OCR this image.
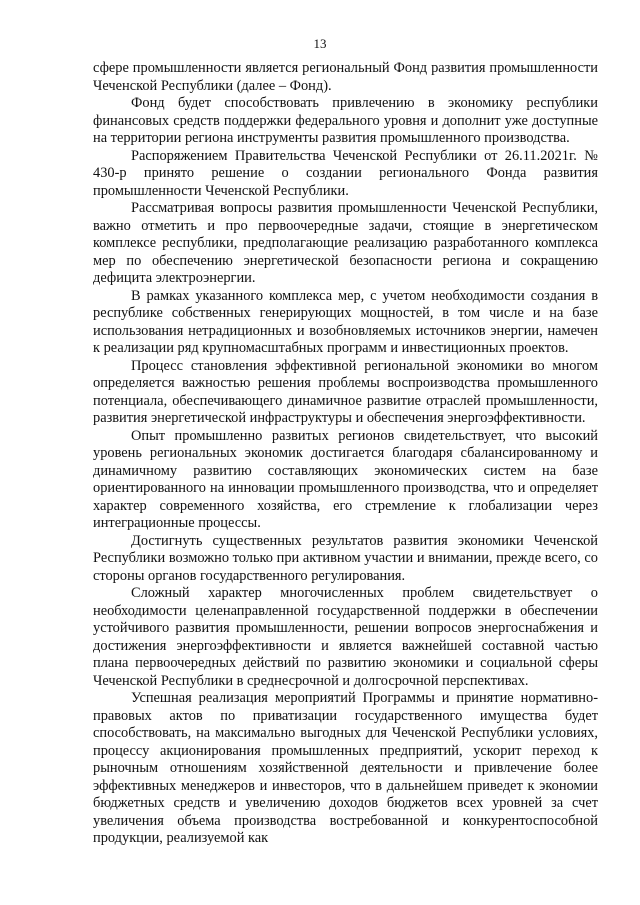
13

сфере промышленности является региональный Фонд развития промышленности Чеченской Республики (далее – Фонд).

Фонд будет способствовать привлечению в экономику республики финансовых средств поддержки федерального уровня и дополнит уже доступные на территории региона инструменты развития промышленного производства.

Распоряжением Правительства Чеченской Республики от 26.11.2021г. № 430-р принято решение о создании регионального Фонда развития промышленности Чеченской Республики.

Рассматривая вопросы развития промышленности Чеченской Республики, важно отметить и про первоочередные задачи, стоящие в энергетическом комплексе республики, предполагающие реализацию разработанного комплекса мер по обеспечению энергетической безопасности региона и сокращению дефицита электроэнергии.

В рамках указанного комплекса мер, с учетом необходимости создания в республике собственных генерирующих мощностей, в том числе и на базе использования нетрадиционных и возобновляемых источников энергии, намечен к реализации ряд крупномасштабных программ и инвестиционных проектов.

Процесс становления эффективной региональной экономики во многом определяется важностью решения проблемы воспроизводства промышленного потенциала, обеспечивающего динамичное развитие отраслей промышленности, развития энергетической инфраструктуры и обеспечения энергоэффективности.

Опыт промышленно развитых регионов свидетельствует, что высокий уровень региональных экономик достигается благодаря сбалансированному и динамичному развитию составляющих экономических систем на базе ориентированного на инновации промышленного производства, что и определяет характер современного хозяйства, его стремление к глобализации через интеграционные процессы.

Достигнуть существенных результатов развития экономики Чеченской Республики возможно только при активном участии и внимании, прежде всего, со стороны органов государственного регулирования.

Сложный характер многочисленных проблем свидетельствует о необходимости целенаправленной государственной поддержки в обеспечении устойчивого развития промышленности, решении вопросов энергоснабжения и достижения энергоэффективности и является важнейшей составной частью плана первоочередных действий по развитию экономики и социальной сферы Чеченской Республики в среднесрочной и долгосрочной перспективах.

Успешная реализация мероприятий Программы и принятие нормативно-правовых актов по приватизации государственного имущества будет способствовать, на максимально выгодных для Чеченской Республики условиях, процессу акционирования промышленных предприятий, ускорит переход к рыночным отношениям хозяйственной деятельности и привлечение более эффективных менеджеров и инвесторов, что в дальнейшем приведет к экономии бюджетных средств и увеличению доходов бюджетов всех уровней за счет увеличения объема производства востребованной и конкурентоспособной продукции, реализуемой как
